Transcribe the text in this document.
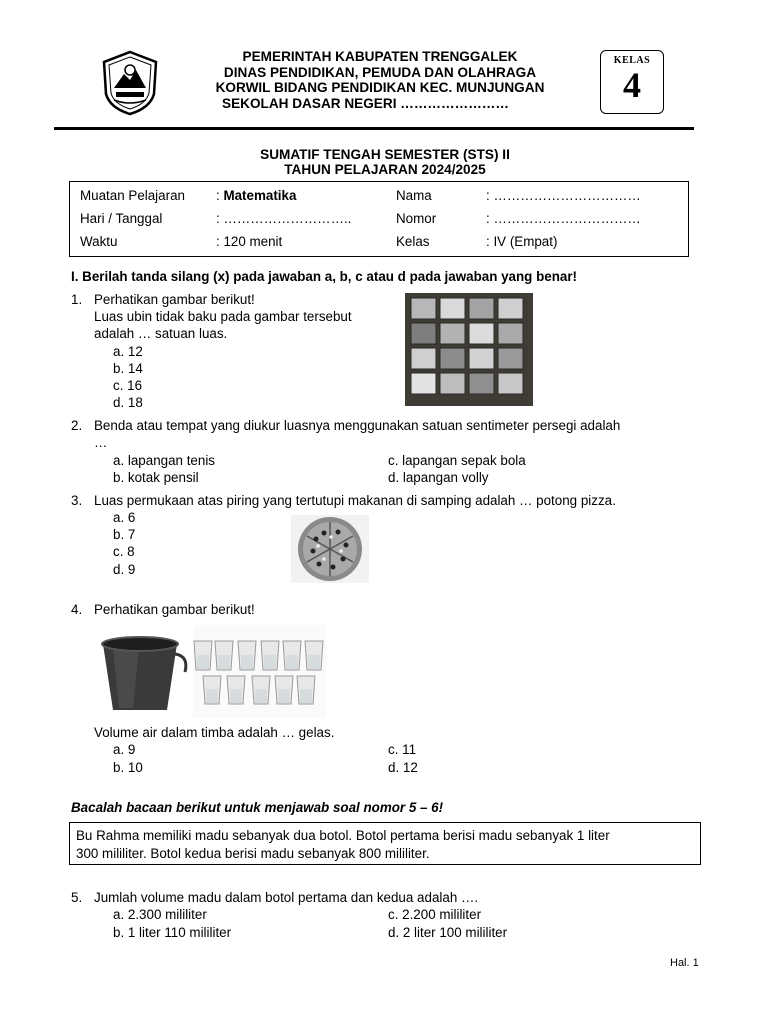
PEMERINTAH KABUPATEN TRENGGALEK
DINAS PENDIDIKAN, PEMUDA DAN OLAHRAGA
KORWIL BIDANG PENDIDIKAN KEC. MUNJUNGAN
SEKOLAH DASAR NEGERI ……………………
KELAS
4
SUMATIF TENGAH SEMESTER (STS) II
TAHUN PELAJARAN 2024/2025
Muatan Pelajaran : Matematika
Hari / Tanggal	: ………………………..
Waktu	: 120 menit
Nama	: ……………………………
Nomor	: ……………………………
Kelas	: IV (Empat)
I. Berilah tanda silang (x) pada jawaban a, b, c atau d pada jawaban yang benar!
1. Perhatikan gambar berikut!
Luas ubin tidak baku pada gambar tersebut
adalah … satuan luas.
a. 12
b. 14
c. 16
d. 18
2. Benda atau tempat yang diukur luasnya menggunakan satuan sentimeter persegi adalah
…
a. lapangan tenis
b. kotak pensil
c. lapangan sepak bola
d. lapangan volly
3. Luas permukaan atas piring yang tertutupi makanan di samping adalah … potong pizza.
a. 6
b. 7
c. 8
d. 9
4. Perhatikan gambar berikut!
Volume air dalam timba adalah … gelas.
a. 9
b. 10
c. 11
d. 12
Bacalah bacaan berikut untuk menjawab soal nomor 5 – 6!
Bu Rahma memiliki madu sebanyak dua botol. Botol pertama berisi madu sebanyak 1 liter
300 mililiter. Botol kedua berisi madu sebanyak 800 mililiter.
5. Jumlah volume madu dalam botol pertama dan kedua adalah ….
a. 2.300 mililiter
b. 1 liter 110 mililiter
c. 2.200 mililiter
d. 2 liter 100 mililiter
Hal. 1
